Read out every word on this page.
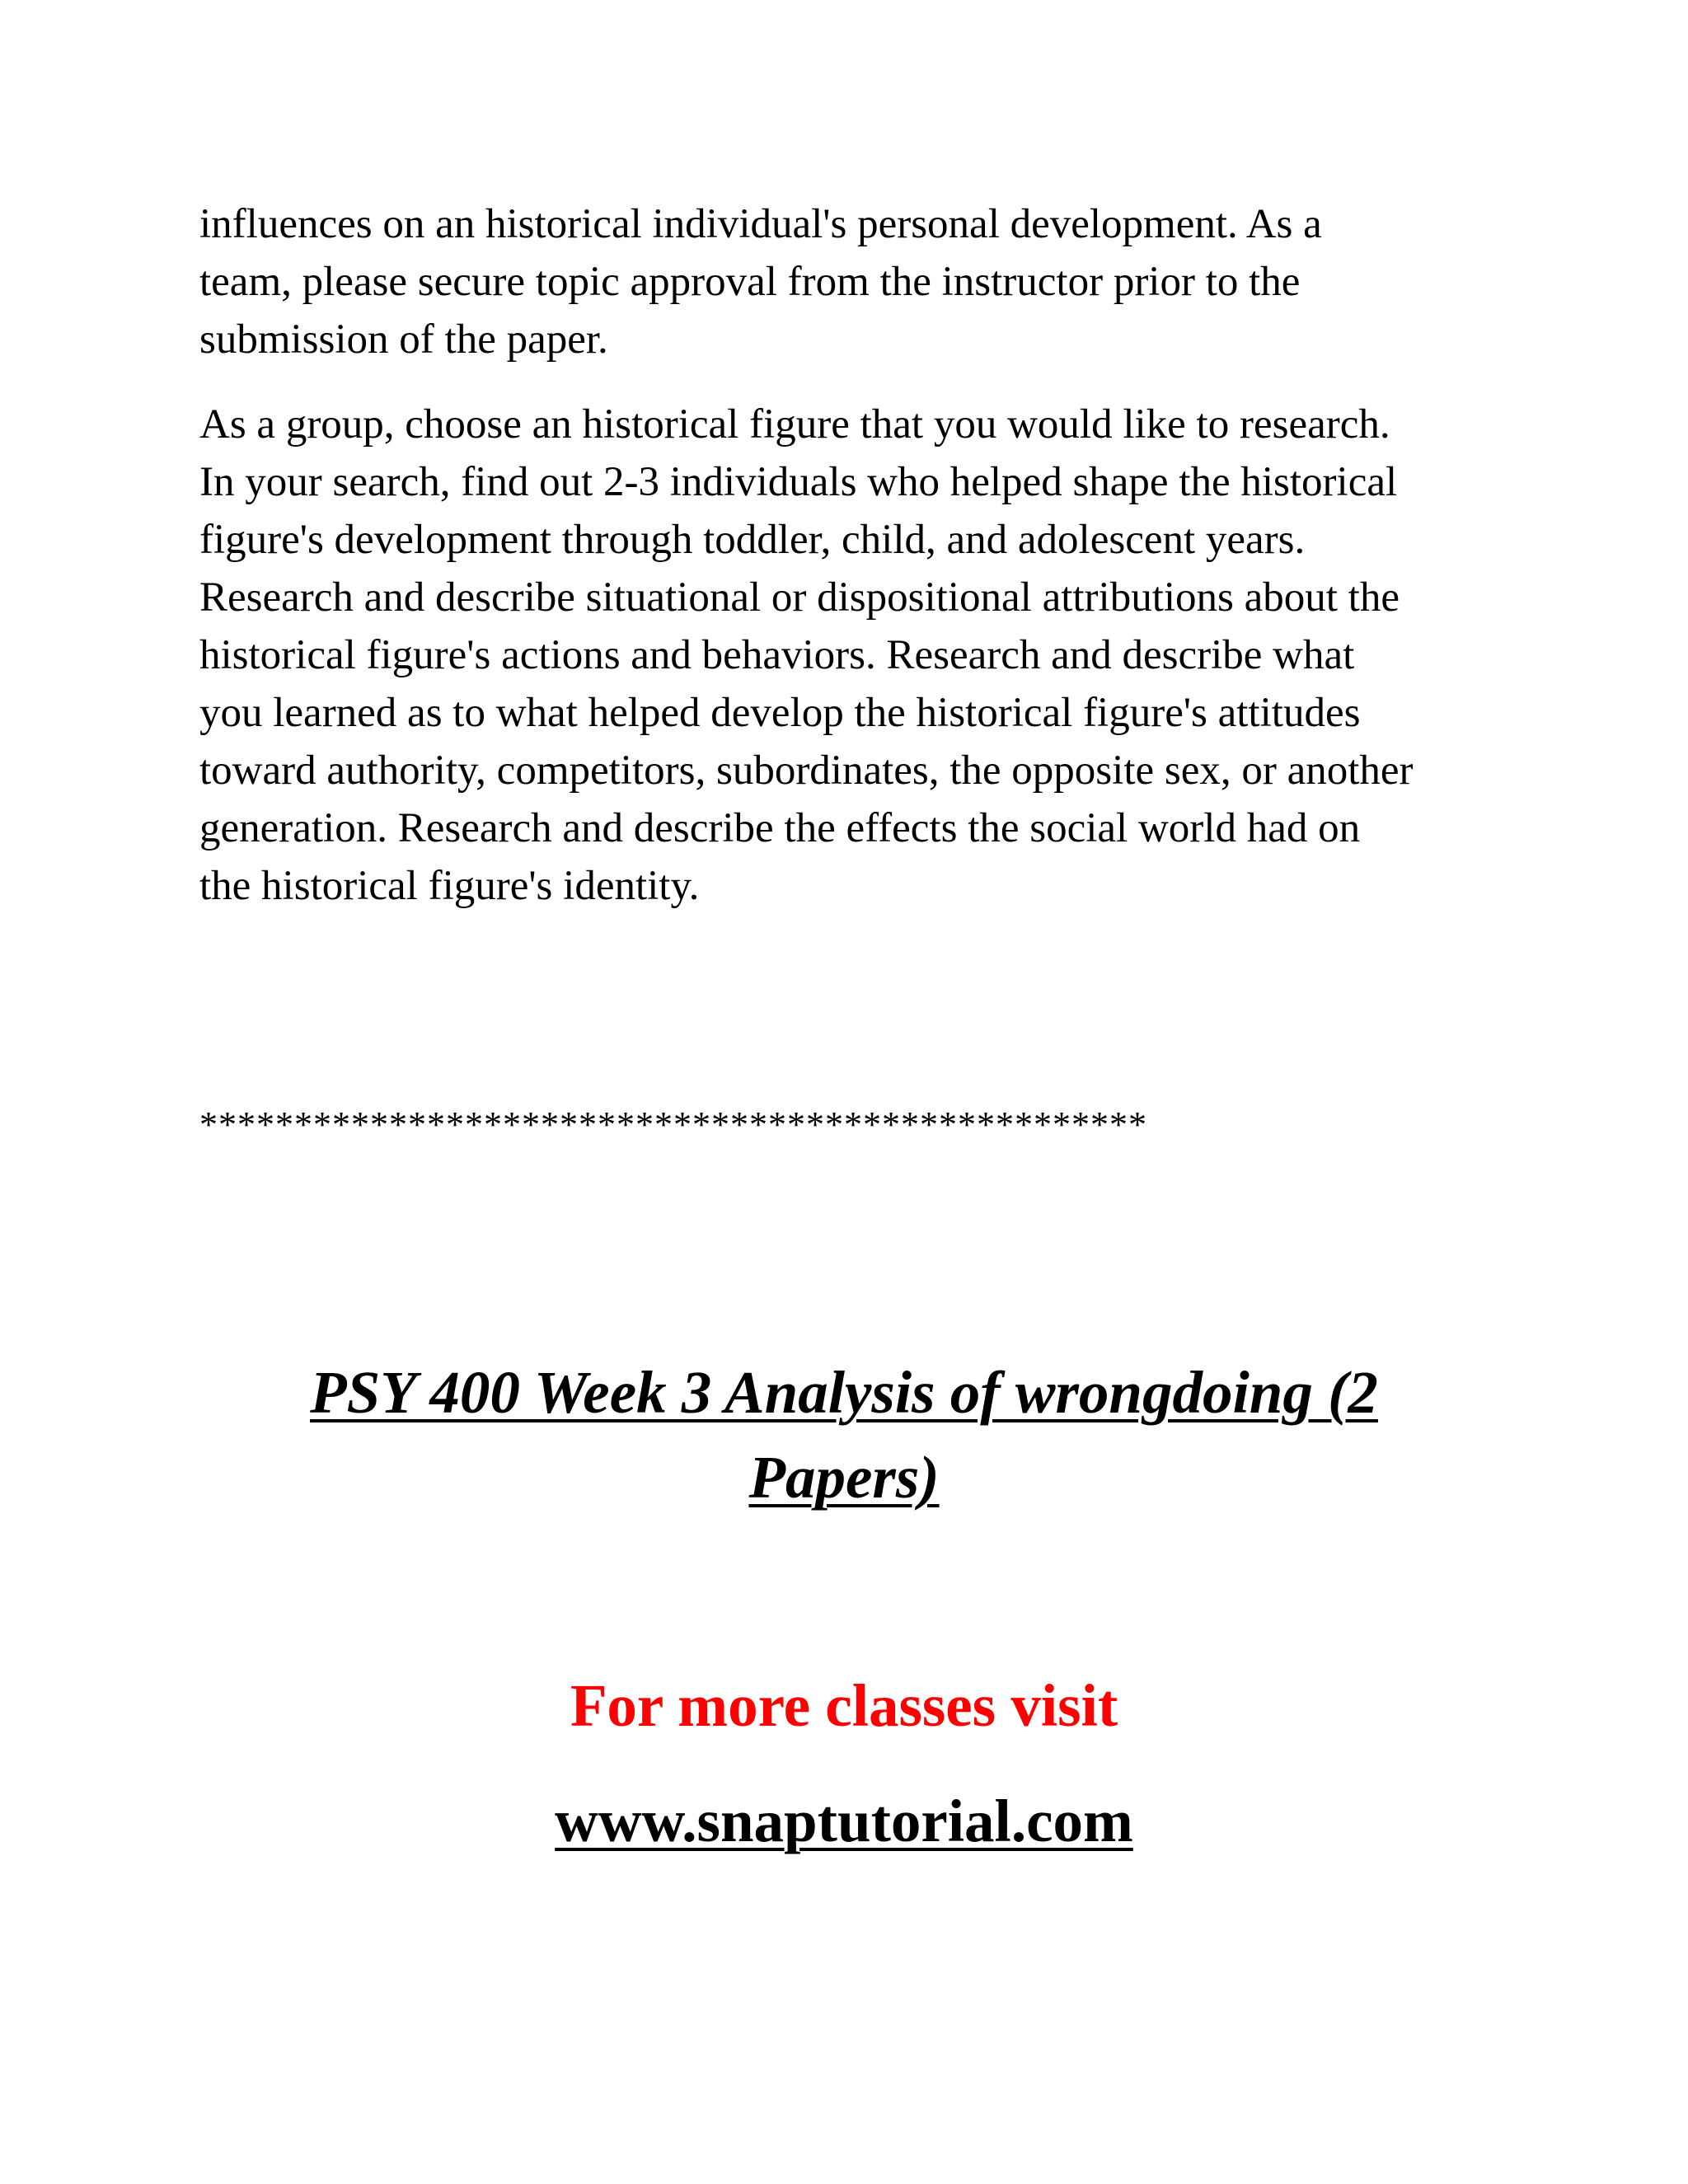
influences on an historical individual's personal development. As a
team, please secure topic approval from the instructor prior to the
submission of the paper.
As a group, choose an historical figure that you would like to research.
In your search, find out 2-3 individuals who helped shape the historical
figure's development through toddler, child, and adolescent years.
Research and describe situational or dispositional attributions about the
historical figure's actions and behaviors. Research and describe what
you learned as to what helped develop the historical figure's attitudes
toward authority, competitors, subordinates, the opposite sex, or another
generation. Research and describe the effects the social world had on
the historical figure's identity.
**************************************************
PSY 400 Week 3 Analysis of wrongdoing (2
Papers)
For more classes visit
www.snaptutorial.com
